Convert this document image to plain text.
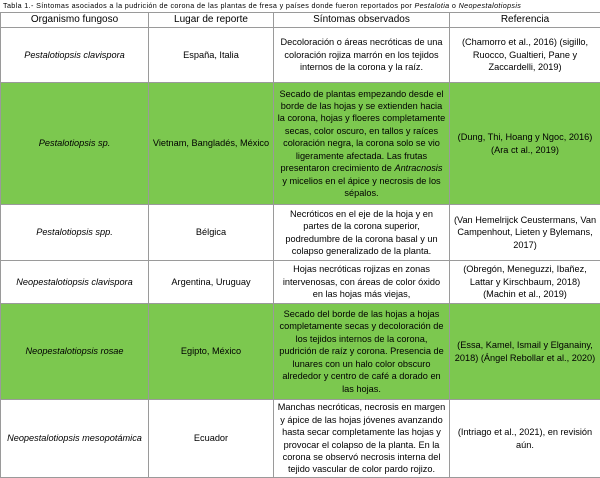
Tabla 1.- Síntomas asociados a la pudrición de corona de las plantas de fresa y países donde fueron reportados por Pestalotia o Neopestalotiopsis
Organismo fungoso	Lugar de reporte	Síntomas observados	Referencia
Pestalotiopsis clavispora	España, Italia	Decoloración o áreas necróticas de una coloración rojiza marrón en los tejidos internos de la corona y la raíz.	(Chamorro et al., 2016) (sigillo, Ruocco, Gualtieri, Pane y Zaccardelli, 2019)
Pestalotiopsis sp.	Vietnam, Bangladés, México	Secado de plantas empezando desde el borde de las hojas y se extienden hacia la corona, hojas y floeres completamente secas, color oscuro, en tallos y raíces coloración negra, la corona solo se vio ligeramente afectada. Las frutas presentaron crecimiento de Antracnosis y micelios en el ápice y necrosis de los sépalos.	(Dung, Thi, Hoang y Ngoc, 2016) (Ara ct al., 2019)
Pestalotiopsis spp.	Bélgica	Necróticos en el eje de la hoja y en partes de la corona superior, podredumbre de la corona basal y un colapso generalizado de la planta.	(Van Hemelrijck Ceustermans, Van Campenhout, Lieten y Bylemans, 2017)
Neopestalotiopsis clavispora	Argentina, Uruguay	Hojas necróticas rojizas en zonas intervenosas, con áreas de color óxido en las hojas más viejas,	(Obregón, Meneguzzi, Ibañez, Lattar y Kirschbaum, 2018) (Machin et al., 2019)
Neopestalotiopsis rosae	Egipto, México	Secado del borde de las hojas a hojas completamente secas y decoloración de los tejidos internos de la corona, pudrición de raíz y corona. Presencia de lunares con un halo color obscuro alrededor y centro de café a dorado en las hojas.	(Essa, Kamel, Ismail y Elganainy, 2018) (Ángel Rebollar et al., 2020)
Neopestalotiopsis mesopotámica	Ecuador	Manchas necróticas, necrosis en margen y ápice de las hojas jóvenes avanzando hasta secar completamente las hojas y provocar el colapso de la planta. En la corona se observó necrosis interna del tejido vascular de color pardo rojizo.	(Intriago et al., 2021), en revisión aún.
